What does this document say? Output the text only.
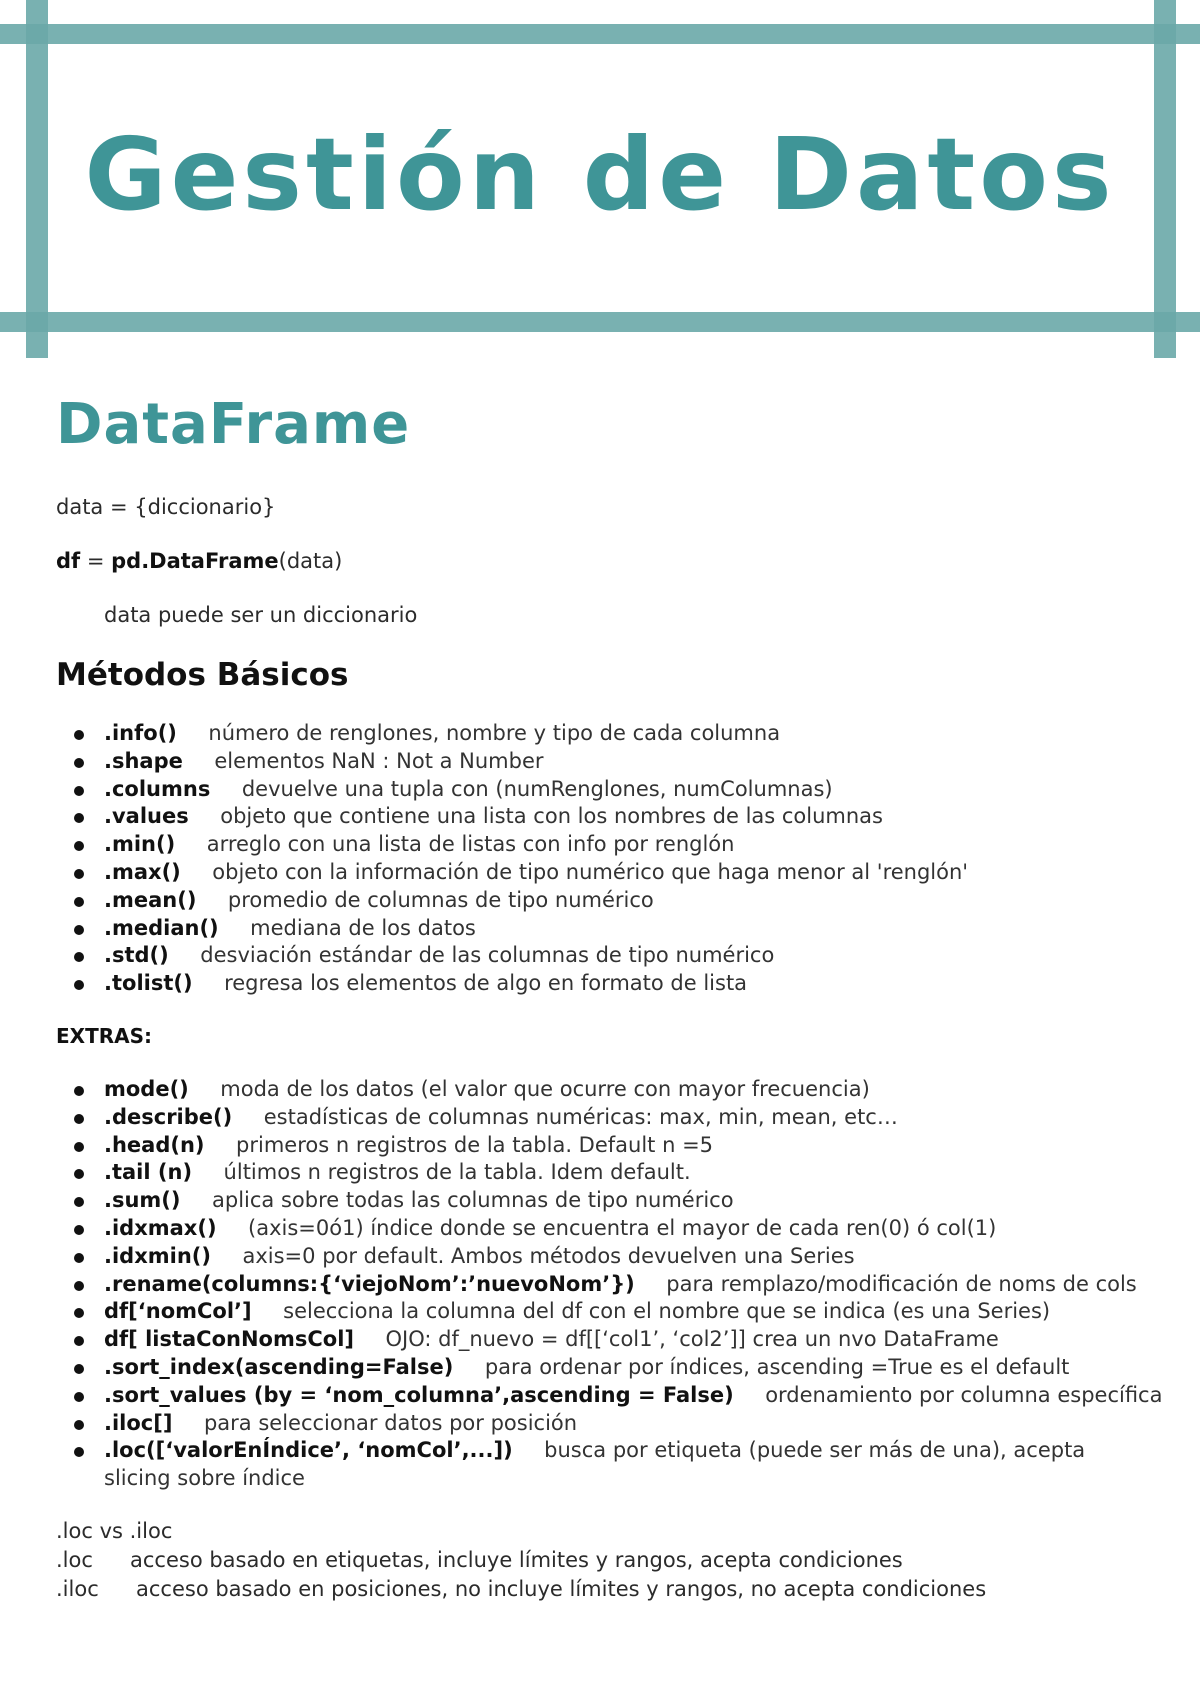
Gestión de Datos
DataFrame
data = {diccionario}
df = pd.DataFrame(data)
data puede ser un diccionario
Métodos Básicos
.info()   número de renglones, nombre y tipo de cada columna
.shape   elementos NaN : Not a Number
.columns   devuelve una tupla con (numRenglones, numColumnas)
.values   objeto que contiene una lista con los nombres de las columnas
.min()   arreglo con una lista de listas con info por renglón
.max()   objeto con la información de tipo numérico que haga menor al 'renglón'
.mean()   promedio de columnas de tipo numérico
.median()   mediana de los datos
.std()   desviación estándar de las columnas de tipo numérico
.tolist()   regresa los elementos de algo en formato de lista
EXTRAS:
mode()   moda de los datos (el valor que ocurre con mayor frecuencia)
.describe()   estadísticas de columnas numéricas: max, min, mean, etc…
.head(n)   primeros n registros de la tabla. Default n =5
.tail (n)   últimos n registros de la tabla. Idem default.
.sum()   aplica sobre todas las columnas de tipo numérico
.idxmax()   (axis=0ó1) índice donde se encuentra el mayor de cada ren(0) ó col(1)
.idxmin()   axis=0 por default. Ambos métodos devuelven una Series
.rename(columns:{‘viejoNom’:’nuevoNom’})   para remplazo/modificación de noms de cols
df[‘nomCol’]   selecciona la columna del df con el nombre que se indica (es una Series)
df[ listaConNomsCol]   OJO: df_nuevo = df[[‘col1’, ‘col2’]] crea un nvo DataFrame
.sort_index(ascending=False)   para ordenar por índices, ascending =True es el default
.sort_values (by = ‘nom_columna’,ascending = False)   ordenamiento por columna específica
.iloc[]   para seleccionar datos por posición
.loc([‘valorEnÍndice’, ‘nomCol’,...])   busca por etiqueta (puede ser más de una), acepta slicing sobre índice
.loc vs .iloc
.loc acceso basado en etiquetas, incluye límites y rangos, acepta condiciones
.iloc acceso basado en posiciones, no incluye límites y rangos, no acepta condiciones
